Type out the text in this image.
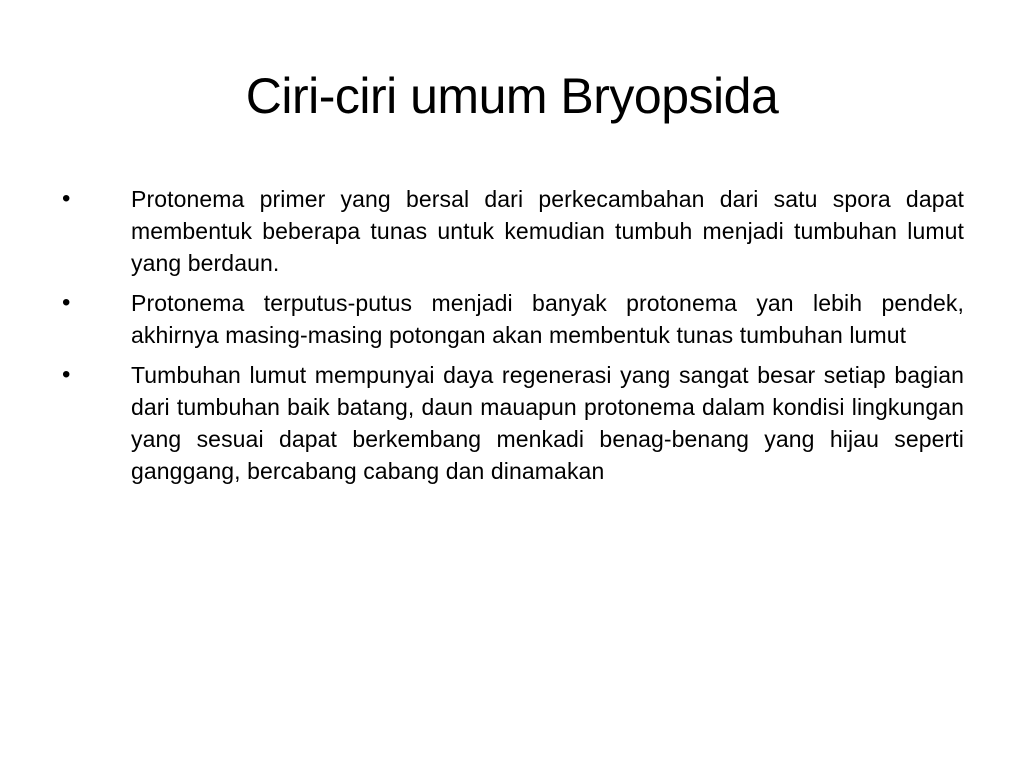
Ciri-ciri umum Bryopsida
•	Protonema primer yang bersal dari perkecambahan dari satu spora dapat membentuk beberapa tunas untuk kemudian tumbuh menjadi tumbuhan lumut yang berdaun.
•	Protonema terputus-putus menjadi banyak protonema yan lebih pendek, akhirnya masing-masing potongan akan membentuk tunas tumbuhan lumut
•	Tumbuhan lumut mempunyai daya regenerasi yang sangat besar setiap bagian dari tumbuhan baik batang, daun mauapun protonema dalam kondisi lingkungan yang sesuai dapat berkembang menkadi benag-benang yang hijau seperti ganggang, bercabang cabang dan dinamakan
